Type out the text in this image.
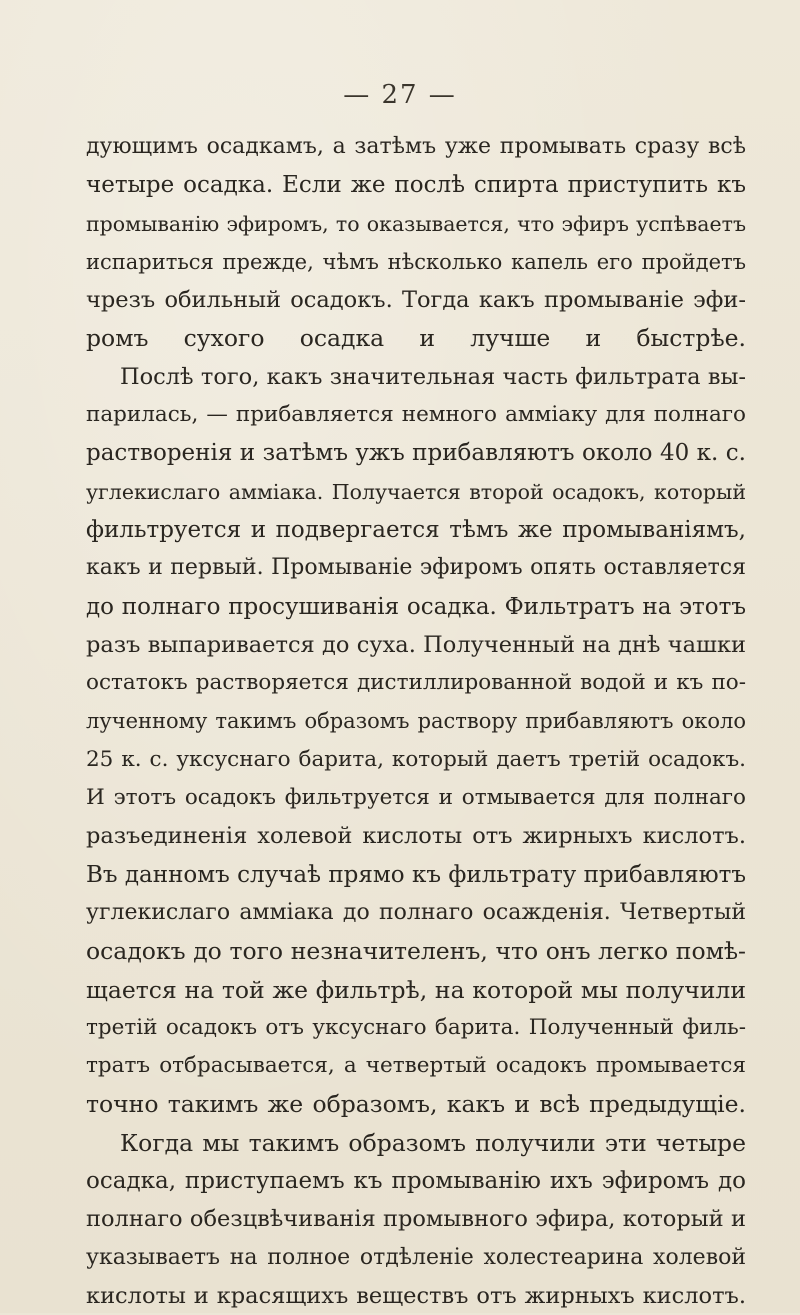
— 27 —
дующимъ осадкамъ, а затѣмъ уже промывать сразу всѣ
четыре осадка. Если же послѣ спирта приступить къ
промыванію эфиромъ, то оказывается, что эфиръ успѣваетъ
испариться прежде, чѣмъ нѣсколько капель его пройдетъ
чрезъ обильный осадокъ. Тогда какъ промываніе эфи-
ромъ сухого осадка и лучше и быстрѣе.
Послѣ того, какъ значительная часть фильтрата вы-
парилась, — прибавляется немного амміаку для полнаго
растворенія и затѣмъ ужъ прибавляютъ около 40 к. с.
углекислаго амміака. Получается второй осадокъ, который
фильтруется и подвергается тѣмъ же промываніямъ,
какъ и первый. Промываніе эфиромъ опять оставляется
до полнаго просушиванія осадка. Фильтратъ на этотъ
разъ выпаривается до суха. Полученный на днѣ чашки
остатокъ растворяется дистиллированной водой и къ по-
лученному такимъ образомъ раствору прибавляютъ около
25 к. с. уксуснаго барита, который даетъ третій осадокъ.
И этотъ осадокъ фильтруется и отмывается для полнаго
разъединенія холевой кислоты отъ жирныхъ кислотъ.
Въ данномъ случаѣ прямо къ фильтрату прибавляютъ
углекислаго амміака до полнаго осажденія. Четвертый
осадокъ до того незначителенъ, что онъ легко помѣ-
щается на той же фильтрѣ, на которой мы получили
третій осадокъ отъ уксуснаго барита. Полученный филь-
тратъ отбрасывается, а четвертый осадокъ промывается
точно такимъ же образомъ, какъ и всѣ предыдущіе.
Когда мы такимъ образомъ получили эти четыре
осадка, приступаемъ къ промыванію ихъ эфиромъ до
полнаго обезцвѣчиванія промывного эфира, который и
указываетъ на полное отдѣленіе холестеарина холевой
кислоты и красящихъ веществъ отъ жирныхъ кислотъ.
